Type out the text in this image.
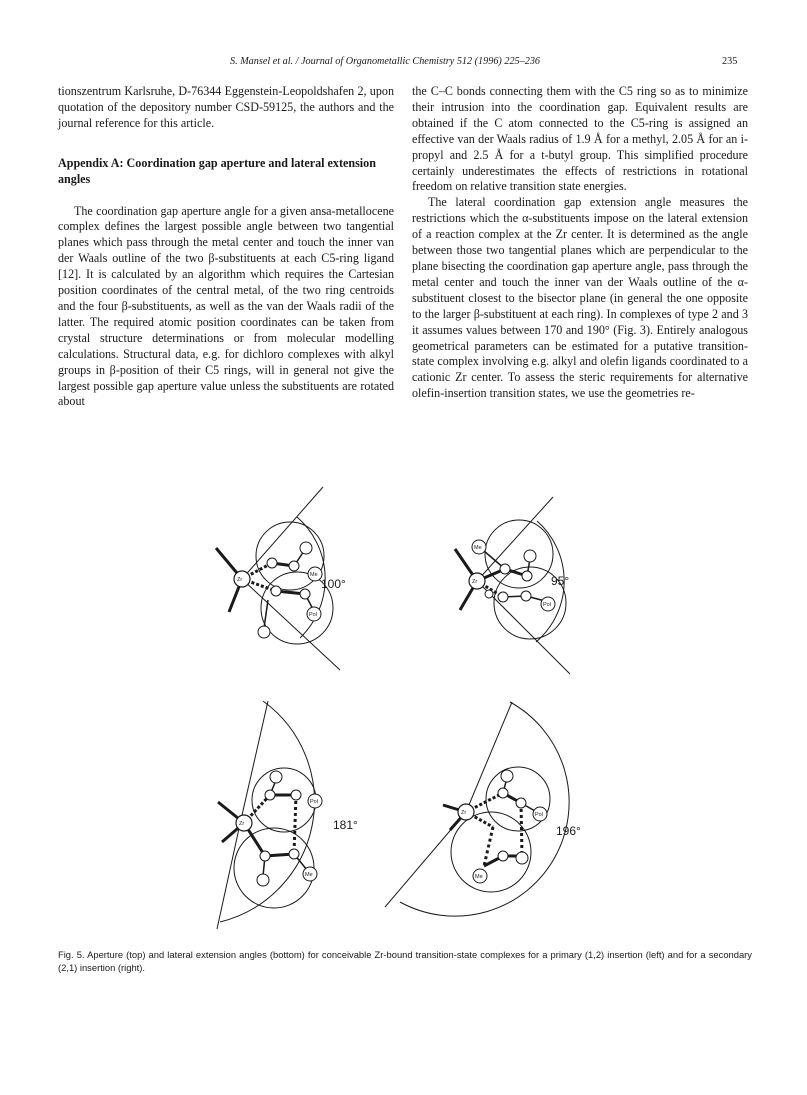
S. Mansel et al. / Journal of Organometallic Chemistry 512 (1996) 225–236	235

tionszentrum Karlsruhe, D-76344 Eggenstein-Leopoldshafen 2, upon quotation of the depository number CSD-59125, the authors and the journal reference for this article.

Appendix A: Coordination gap aperture and lateral extension angles

The coordination gap aperture angle for a given ansa-metallocene complex defines the largest possible angle between two tangential planes which pass through the metal center and touch the inner van der Waals outline of the two β-substituents at each C5-ring ligand [12]. It is calculated by an algorithm which requires the Cartesian position coordinates of the central metal, of the two ring centroids and the four β-substituents, as well as the van der Waals radii of the latter. The required atomic position coordinates can be taken from crystal structure determinations or from molecular modelling calculations. Structural data, e.g. for dichloro complexes with alkyl groups in β-position of their C5 rings, will in general not give the largest possible gap aperture value unless the substituents are rotated about

the C–C bonds connecting them with the C5 ring so as to minimize their intrusion into the coordination gap. Equivalent results are obtained if the C atom connected to the C5-ring is assigned an effective van der Waals radius of 1.9 Å for a methyl, 2.05 Å for an i-propyl and 2.5 Å for a t-butyl group. This simplified procedure certainly underestimates the effects of restrictions in rotational freedom on relative transition state energies.

The lateral coordination gap extension angle measures the restrictions which the α-substituents impose on the lateral extension of a reaction complex at the Zr center. It is determined as the angle between those two tangential planes which are perpendicular to the plane bisecting the coordination gap aperture angle, pass through the metal center and touch the inner van der Waals outline of the α-substituent closest to the bisector plane (in general the one opposite to the larger β-substituent at each ring). In complexes of type 2 and 3 it assumes values between 170 and 190° (Fig. 3). Entirely analogous geometrical parameters can be estimated for a putative transition-state complex involving e.g. alkyl and olefin ligands coordinated to a cationic Zr center. To assess the steric requirements for alternative olefin-insertion transition states, we use the geometries re-

100°	95°
181°	196°
Zr
Me
Pol
Zr
Me
Pol
Zr
Pol
Me
Zr	Pol
Me
Fig. 5. Aperture (top) and lateral extension angles (bottom) for conceivable Zr-bound transition-state complexes for a primary (1,2) insertion (left) and for a secondary (2,1) insertion (right).
